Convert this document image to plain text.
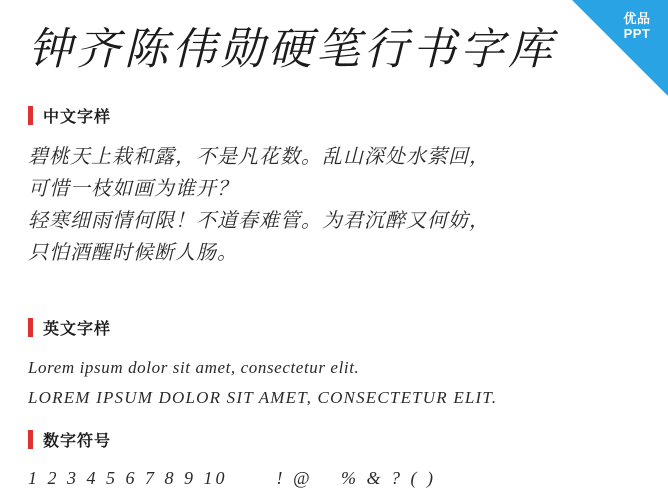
优品
PPT
钟齐陈伟勋硬笔行书字库
中文字样
碧桃天上栽和露，不是凡花数。乱山深处水萦回，
可惜一枝如画为谁开？
轻寒细雨情何限！不道春难管。为君沉醉又何妨，
只怕酒醒时候断人肠。
英文字样
Lorem ipsum dolor sit amet, consectetur elit.
LOREM IPSUM DOLOR SIT AMET, CONSECTETUR ELIT.
数字符号
1 2 3 4 5 6 7 8 9 10	! @ 　% & ? ( )
